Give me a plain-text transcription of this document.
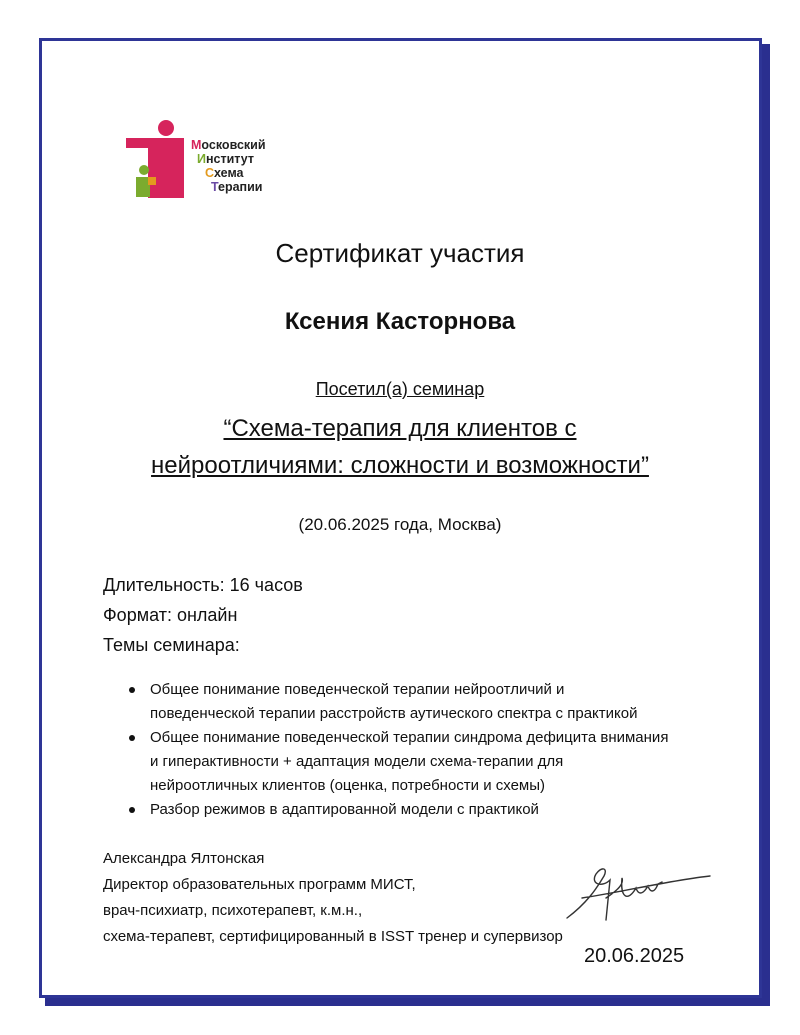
Московский
Институт
Схема
Терапии
Сертификат участия
Ксения Касторнова
Посетил(а) семинар
“Схема-терапия для клиентов с
нейроотличиями: сложности и возможности”
(20.06.2025 года, Москва)
Длительность: 16 часов
Формат: онлайн
Темы семинара:
Общее понимание поведенческой терапии нейроотличий и
поведенческой терапии расстройств аутического спектра с практикой
Общее понимание поведенческой терапии синдрома дефицита внимания
и гиперактивности + адаптация модели схема-терапии для
нейроотличных клиентов (оценка, потребности и схемы)
Разбор режимов в адаптированной модели с практикой
Александра Ялтонская
Директор образовательных программ МИСТ,
врач-психиатр, психотерапевт, к.м.н.,
схема-терапевт, сертифицированный в ISST тренер и супервизор
20.06.2025
